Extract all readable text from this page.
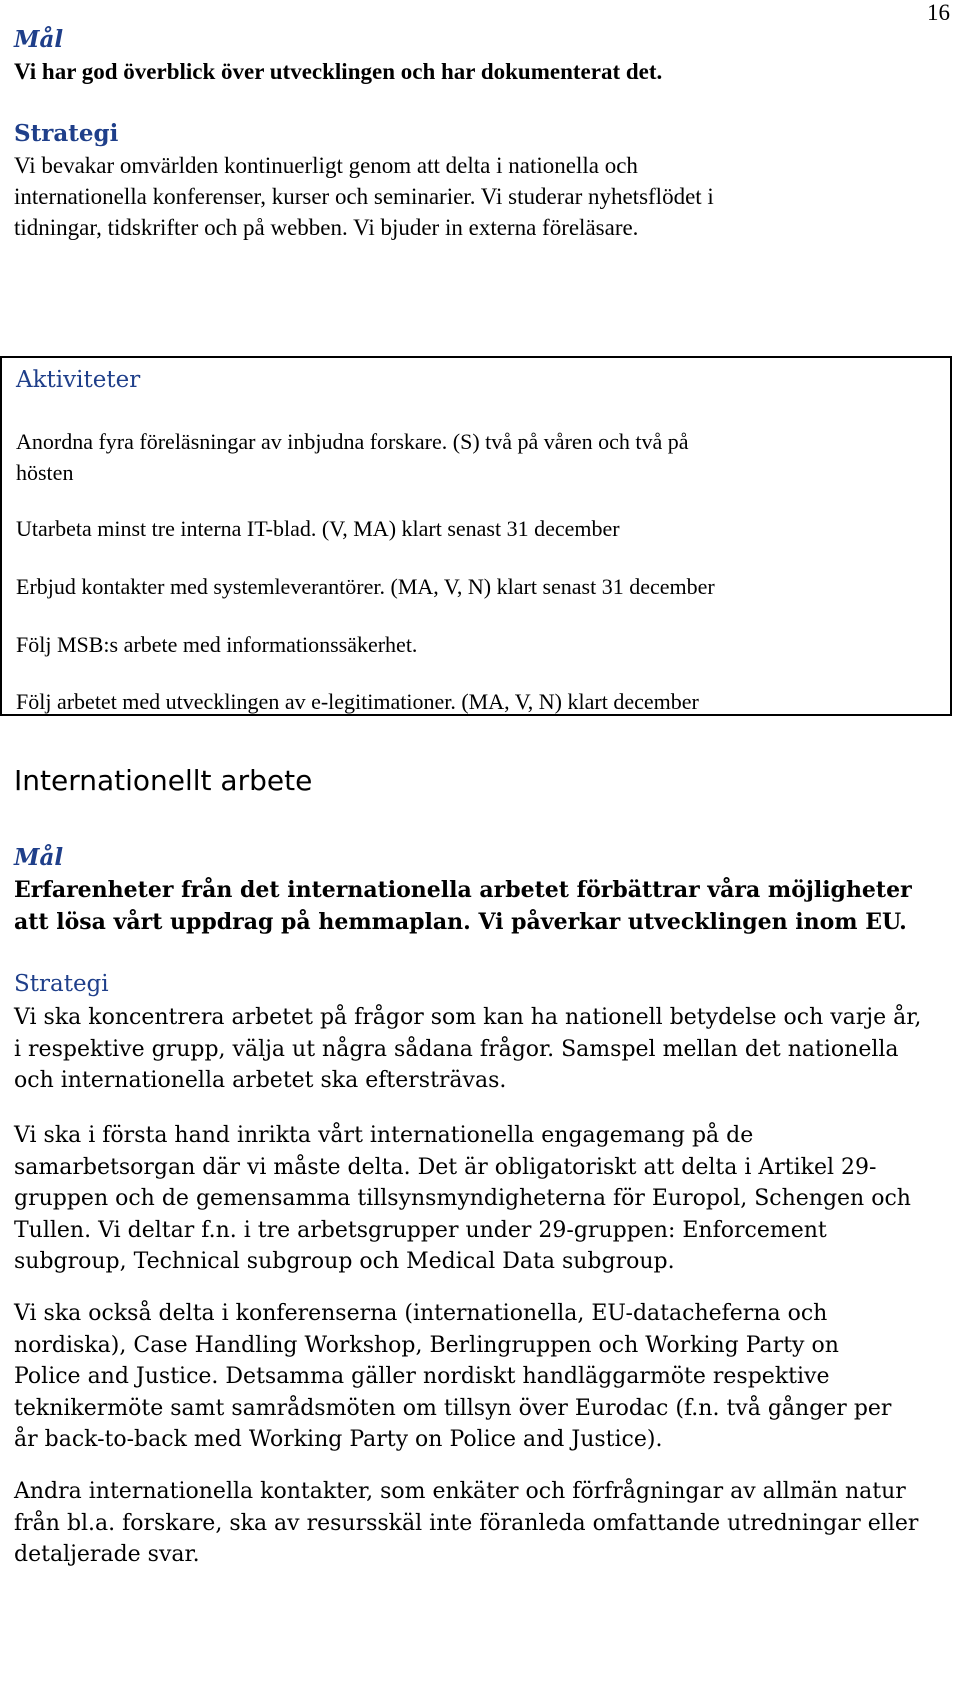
16
Mål
Vi har god överblick över utvecklingen och har dokumenterat det.
Strategi

Vi bevakar omvärlden kontinuerligt genom att delta i nationella och

internationella konferenser, kurser och seminarier. Vi studerar nyhetsflödet i

tidningar, tidskrifter och på webben. Vi bjuder in externa föreläsare.

Aktiviteter

Anordna fyra föreläsningar av inbjudna forskare. (S) två på våren och två på

hösten

Utarbeta minst tre interna IT-blad. (V, MA) klart senast 31 december

Erbjud kontakter med systemleverantörer. (MA, V, N) klart senast 31 december

Följ MSB:s arbete med informationssäkerhet.

Följ arbetet med utvecklingen av e-legitimationer. (MA, V, N) klart december

Internationellt arbete
Mål
Erfarenheter från det internationella arbetet förbättrar våra möjligheter
att lösa vårt uppdrag på hemmaplan. Vi påverkar utvecklingen inom EU.
Strategi

Vi ska koncentrera arbetet på frågor som kan ha nationell betydelse och varje år,

i respektive grupp, välja ut några sådana frågor. Samspel mellan det nationella

och internationella arbetet ska eftersträvas.

Vi ska i första hand inrikta vårt internationella engagemang på de

samarbetsorgan där vi måste delta. Det är obligatoriskt att delta i Artikel 29-

gruppen och de gemensamma tillsynsmyndigheterna för Europol, Schengen och

Tullen. Vi deltar f.n. i tre arbetsgrupper under 29-gruppen: Enforcement

subgroup, Technical subgroup och Medical Data subgroup.

Vi ska också delta i konferenserna (internationella, EU-datacheferna och

nordiska), Case Handling Workshop, Berlingruppen och Working Party on

Police and Justice. Detsamma gäller nordiskt handläggarmöte respektive

teknikermöte samt samrådsmöten om tillsyn över Eurodac (f.n. två gånger per

år back-to-back med Working Party on Police and Justice).

Andra internationella kontakter, som enkäter och förfrågningar av allmän natur

från bl.a. forskare, ska av resursskäl inte föranleda omfattande utredningar eller

detaljerade svar.
